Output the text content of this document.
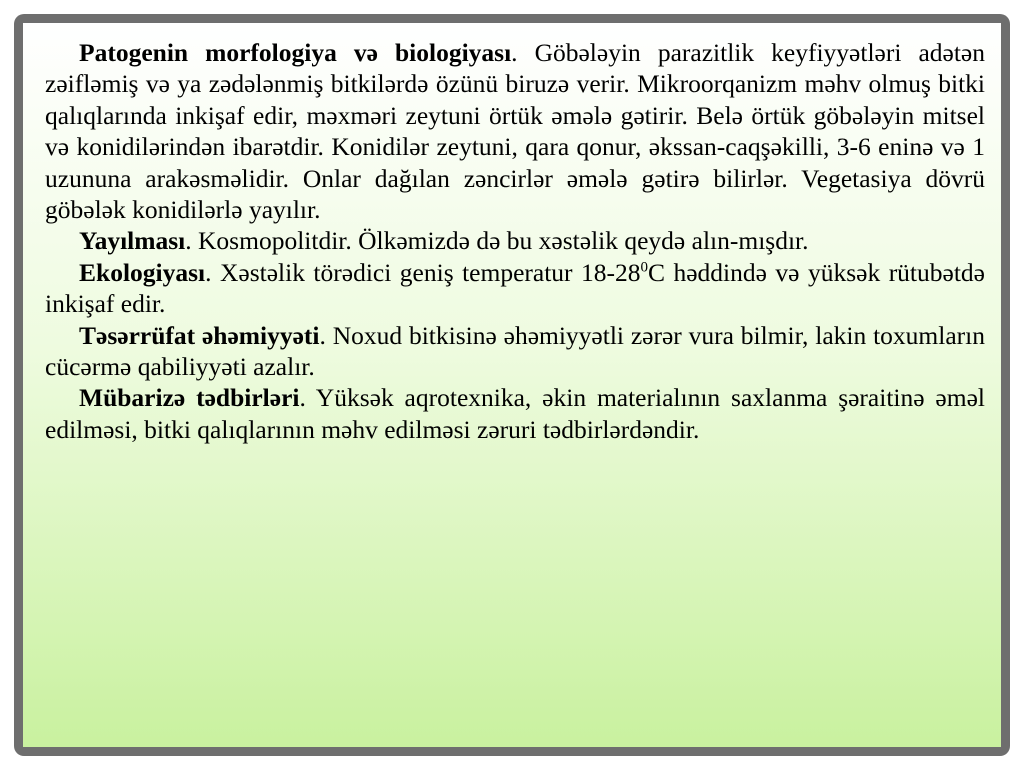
Patogenin morfologiya və biologiyası. Göbələyin parazitlik keyfiyyətləri adətən zəifləmiş və ya zədələnmiş bitkilərdə özünü biruzə verir. Mikroorqanizm məhv olmuş bitki qalıqlarında inkişaf edir, məxməri zeytuni örtük əmələ gətirir. Belə örtük göbələyin mitsel və konidilərindən ibarətdir. Konidilər zeytuni, qara qonur, əkssan-caqşəkilli, 3-6 eninə və 1 uzununa arakəsməlidir. Onlar dağılan zəncirlər əmələ gətirə bilirlər. Vegetasiya dövrü göbələk konidilərlə yayılır.

Yayılması. Kosmopolitdir. Ölkəmizdə də bu xəstəlik qeydə alın-mışdır.

Ekologiyası. Xəstəlik törədici geniş temperatur $18-28^0C$ həddində və yüksək rütubətdə inkişaf edir.

Təsərrüfat əhəmiyyəti. Noxud bitkisinə əhəmiyyətli zərər vura bilmir, lakin toxumların cücərmə qabiliyyəti azalır.

Mübarizə tədbirləri. Yüksək aqrotexnika, əkin materialının saxlanma şəraitinə əməl edilməsi, bitki qalıqlarının məhv edilməsi zəruri tədbirlərdəndir.
